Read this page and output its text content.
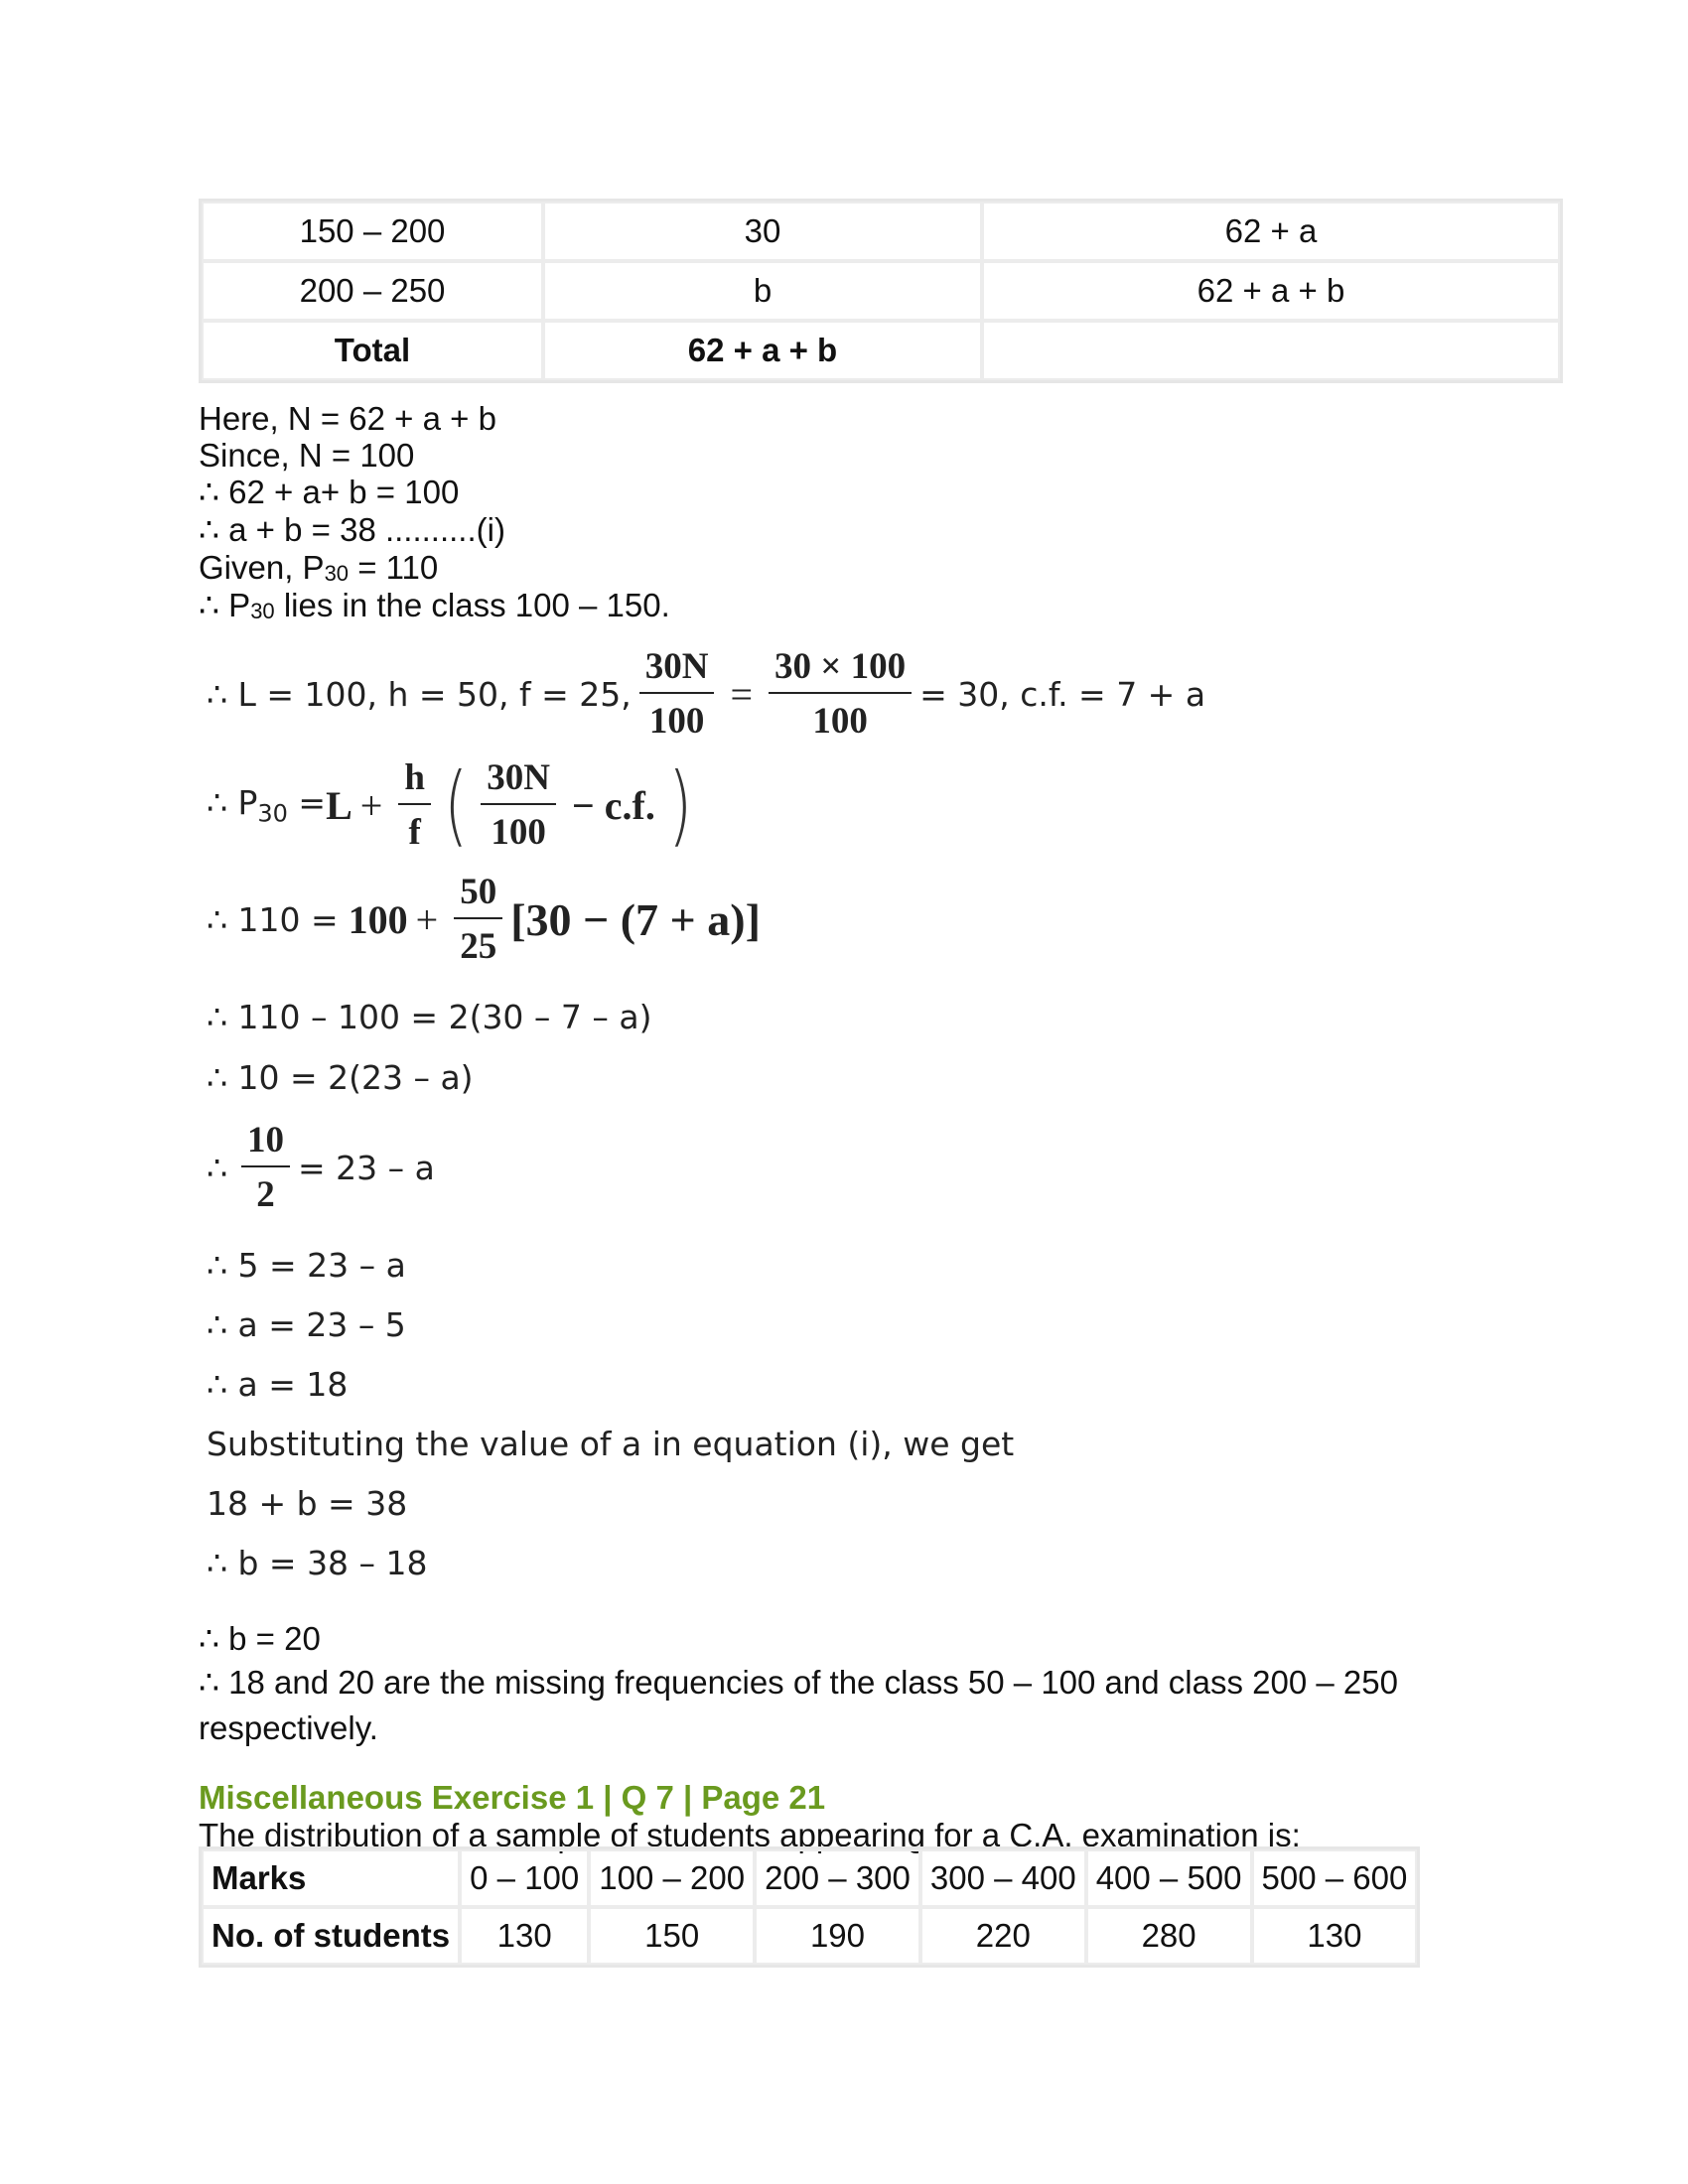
150 – 200	30	62 + a
200 – 250	b	62 + a + b
Total	62 + a + b	
Here, N = 62 + a + b
Since, N = 100
∴ 62 + a+ b = 100
∴ a + b = 38 ..........(i)
Given, $P_{30} = 110$
∴ $P_{30}$ lies in the class 100 – 150.
∴ L = 100, h = 50, f = 25, $\frac{30N}{100} = \frac{30 \times 100}{100} = 30$, c.f. = 7 + a
∴ $P_{30} = L + \frac{h}{f}$ ( $\frac{30N}{100} - c.f$. )
∴ $110 = 100 + \frac{50}{25} [30 - (7 + a)]$
∴ 110 – 100 = 2(30 – 7 – a)
∴ 10 = 2(23 – a)
∴ $\frac{10}{2} = 23 - a$
∴ 5 = 23 – a
∴ a = 23 – 5
∴ a = 18
Substituting the value of a in equation (i), we get
18 + b = 38
∴ b = 38 – 18
∴ b = 20
∴ 18 and 20 are the missing frequencies of the class 50 – 100 and class 200 – 250
respectively.
Miscellaneous Exercise 1 | Q 7 | Page 21
The distribution of a sample of students appearing for a C.A. examination is:
Marks	0 – 100	100 – 200	200 – 300	300 – 400	400 – 500	500 – 600
No. of students	130	150	190	220	280	130
